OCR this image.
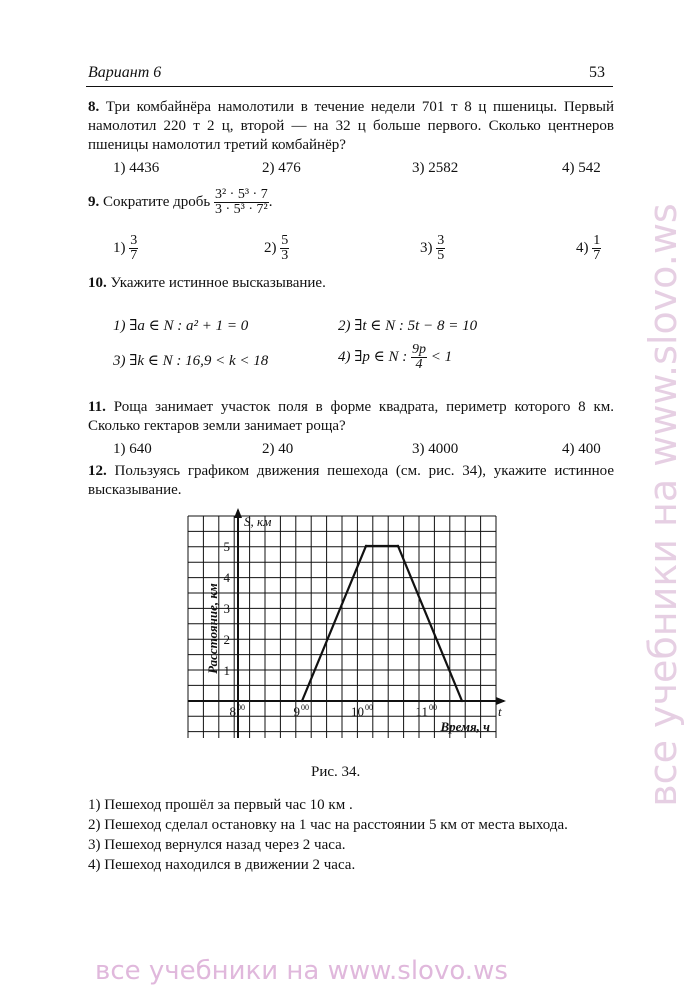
Вариант 6	53
8. Три комбайнёра намолотили в течение недели 701 т 8 ц пшеницы. Первый намолотил 220 т 2 ц, второй — на 32 ц больше первого. Сколько центнеров пшеницы намолотил третий комбайнёр?
1) 4436	2) 476	3) 2582	4) 542
9. Сократите дробь $\frac{\text{3² · 5³ · 7}}{\text{3 · 5³ · 7²}}$ .
$1) \frac{3}{7}$	$2) \frac{5}{3}$	$3) \frac{3}{5}$	$4) \frac{1}{7}$
10. Укажите истинное высказывание.
1) ∃a ∈ N : a² + 1 = 0	2) ∃t ∈ N : 5t − 8 = 10
3) ∃k ∈ N : 16,9 < k < 18	4) ∃p ∈ N : $\frac{9p}{4} < 1$
11. Роща занимает участок поля в форме квадрата, периметр которого 8 км. Сколько гектаров земли занимает роща?
1) 640	2) 40	3) 4000	4) 400
12. Пользуясь графиком движения пешехода (см. рис. 34), укажите истинное высказывание.
1
2
3
4
5
8 00	9 00	10 00	11 00
S, км
t
Расстояние, км
Время, ч
Рис. 34.
1) Пешеход прошёл за первый час 10 км .
2) Пешеход сделал остановку на 1 час на расстоянии 5 км от места выхода.
3) Пешеход вернулся назад через 2 часа.
4) Пешеход находился в движении 2 часа.
все учебники на www.slovo.ws
все учебники на www.slovo.ws
